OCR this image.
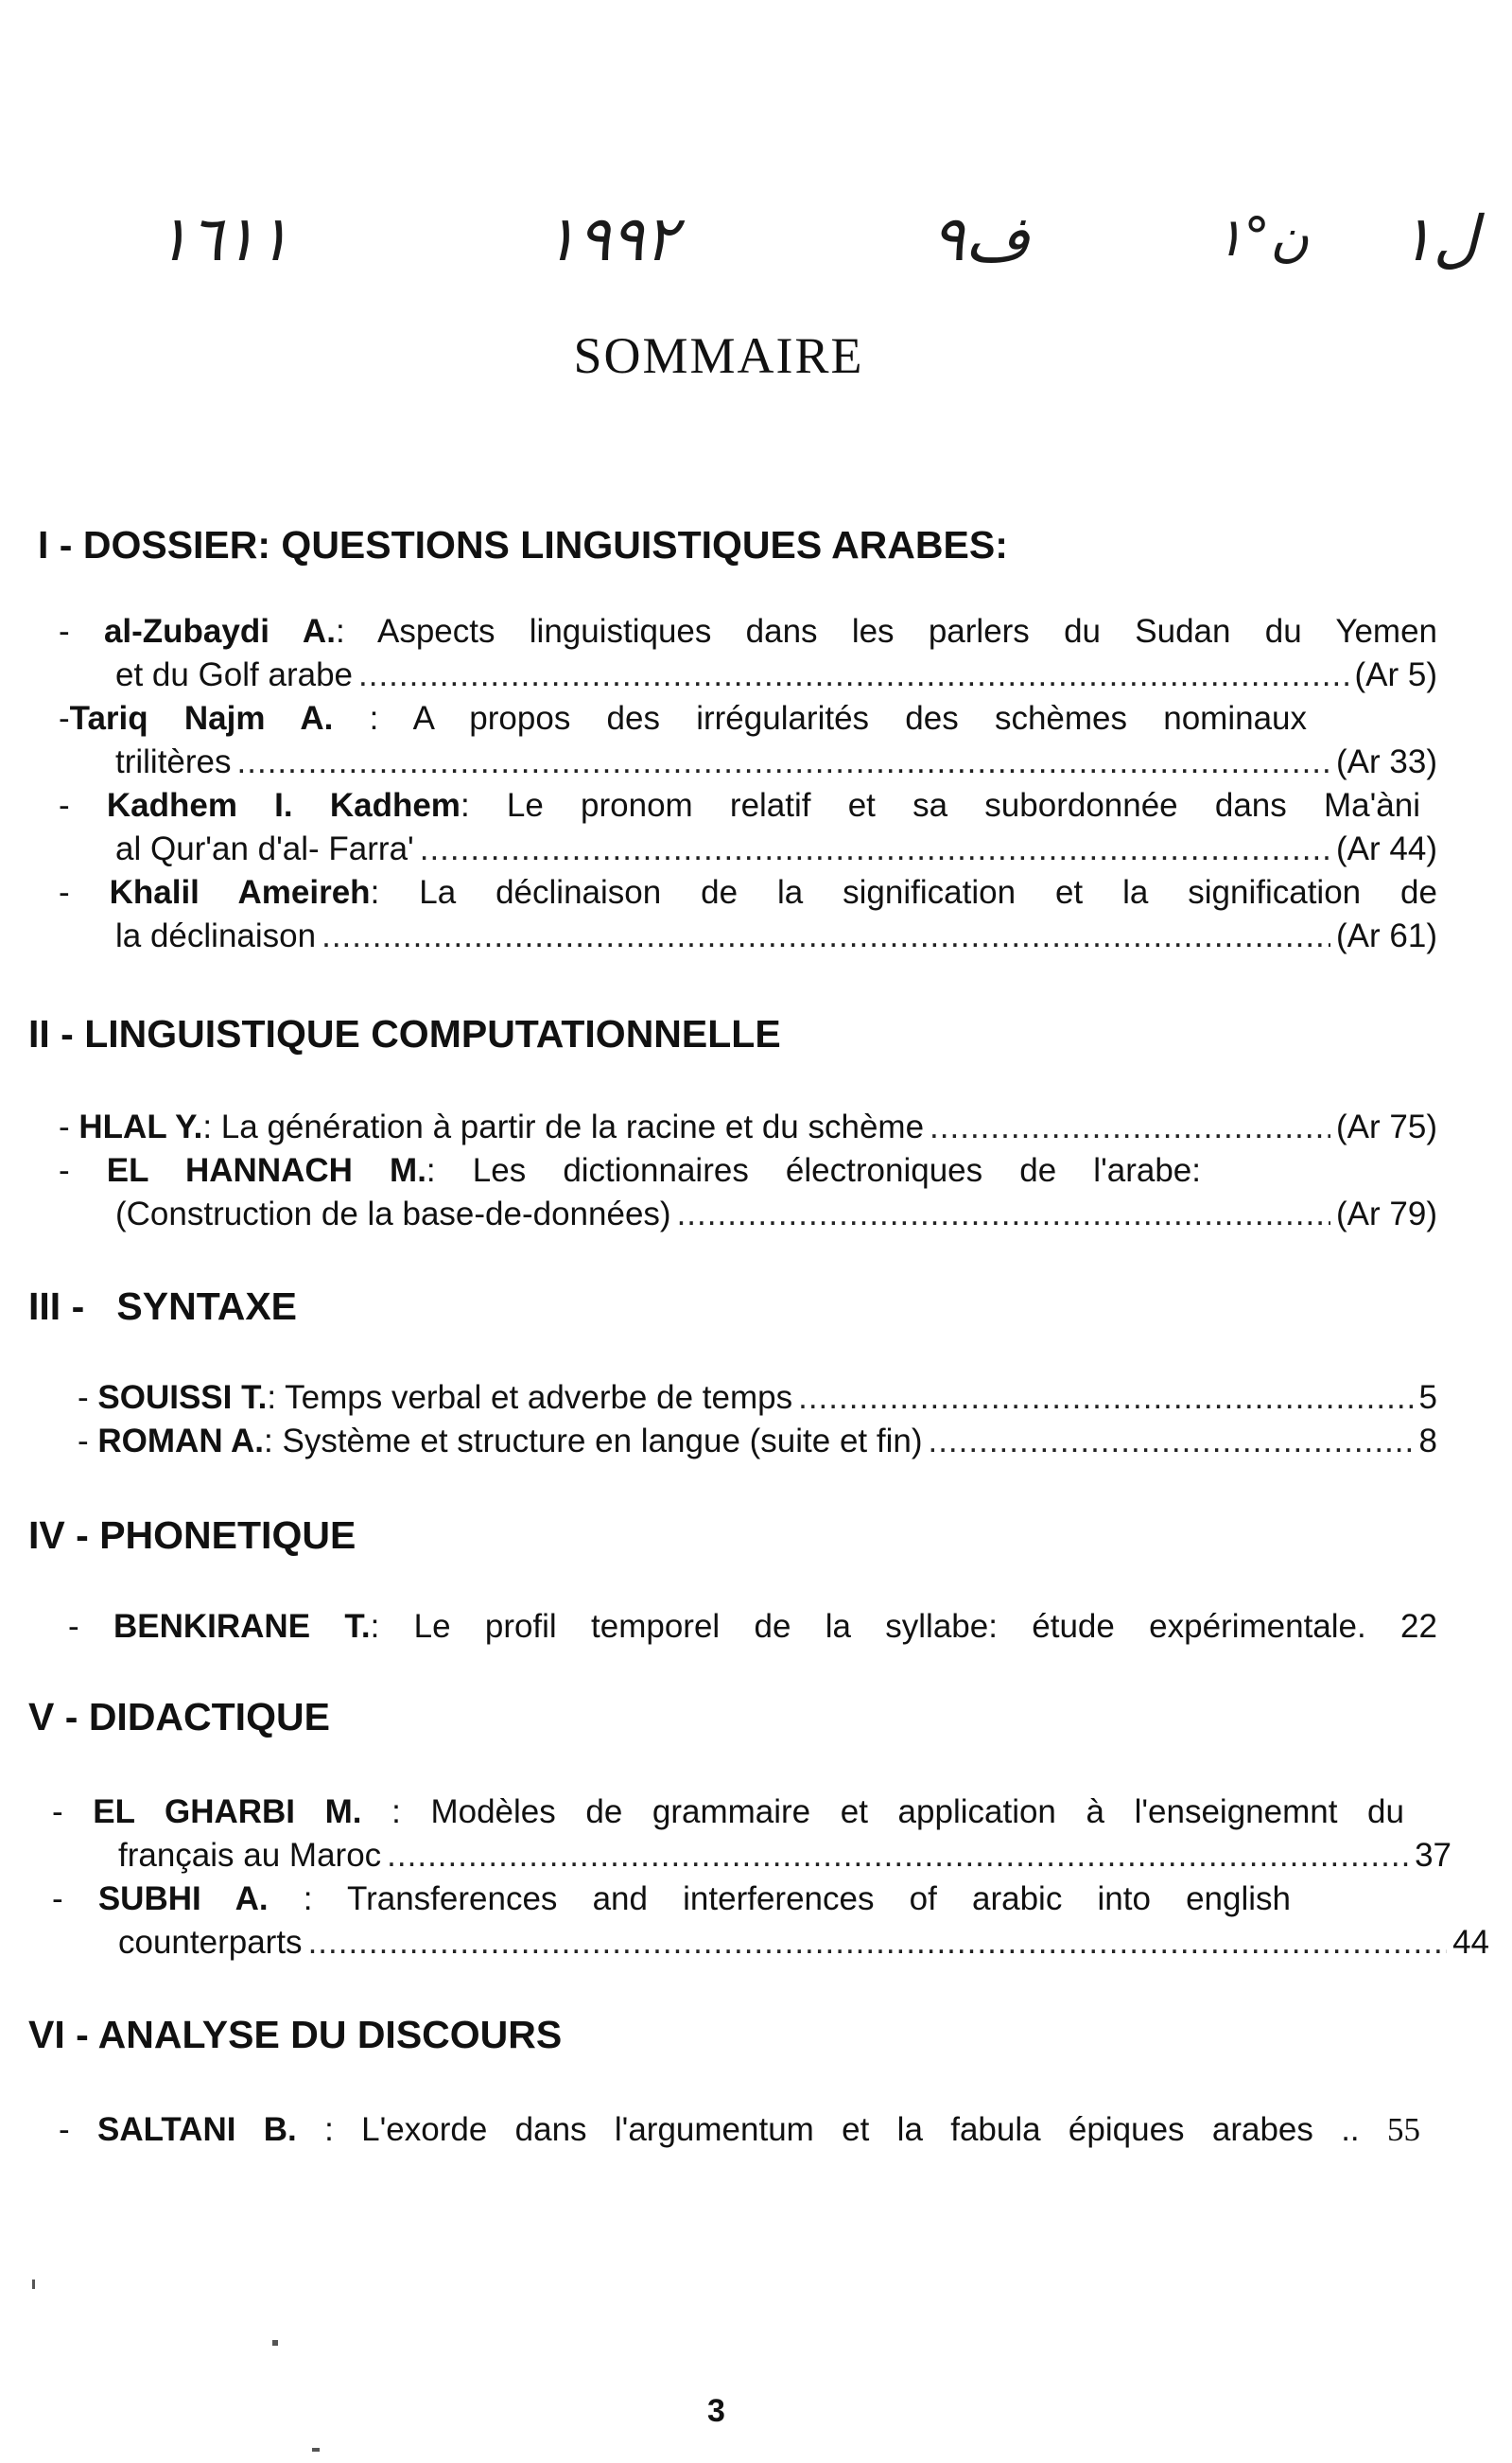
١٦١١	١٩٩٢	ف٩	ن°١ ل١
SOMMAIRE
I - DOSSIER: QUESTIONS LINGUISTIQUES ARABES:
- al-Zubaydi A.: Aspects linguistiques dans les parlers du Sudan du Yemen
et du Golf arabe .....	(Ar 5)
-Tariq Najm A. : A propos des irrégularités des schèmes nominaux
trilitères .....	(Ar 33)
- Kadhem I. Kadhem: Le pronom relatif et sa subordonnée dans Ma'àni
al Qur'an d'al- Farra' .....	(Ar 44)
- Khalil Ameireh: La déclinaison de la signification et la signification de
la déclinaison .....	(Ar 61)
II - LINGUISTIQUE COMPUTATIONNELLE
- HLAL Y.: La génération à partir de la racine et du schème .....	(Ar 75)
- EL HANNACH M.: Les dictionnaires électroniques de l'arabe:
(Construction de la base-de-données) .....	(Ar 79)
III - SYNTAXE
- SOUISSI T.: Temps verbal et adverbe de temps .....	5
- ROMAN A.: Système et structure en langue (suite et fin) .....	8
IV - PHONETIQUE
- BENKIRANE T.: Le profil temporel de la syllabe: étude expérimentale. 22
V - DIDACTIQUE
- EL GHARBI M. : Modèles de grammaire et application à l'enseignemnt du
français au Maroc .....	37
- SUBHI A. : Transferences and interferences of arabic into english
counterparts .....	44
VI - ANALYSE DU DISCOURS
- SALTANI B. : L'exorde dans l'argumentum et la fabula épiques arabes .. 55
3
